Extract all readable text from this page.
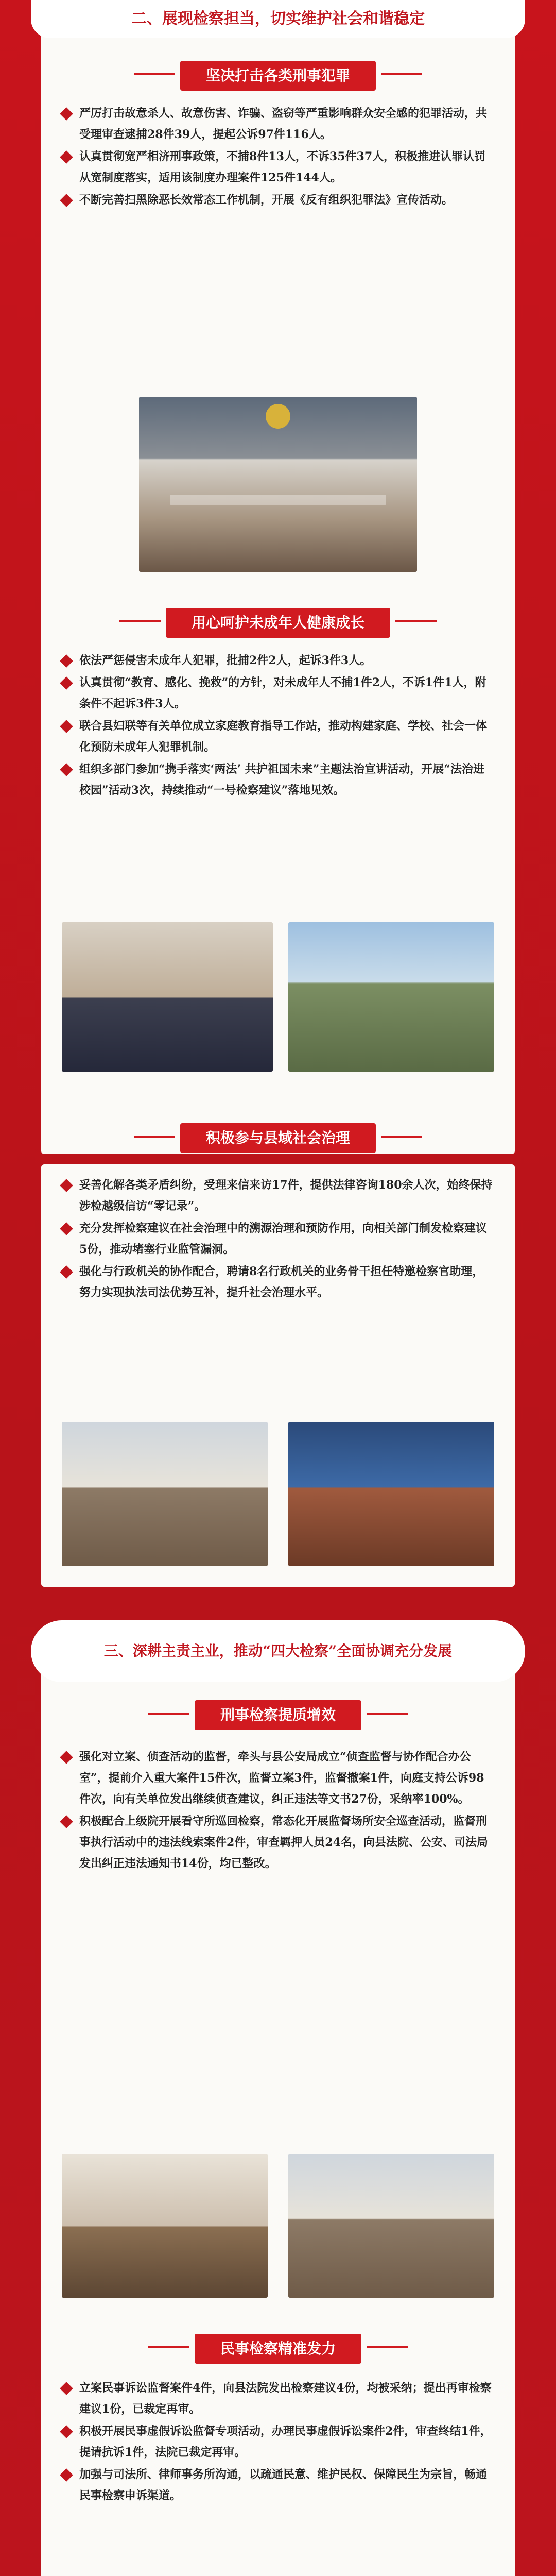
二、展现检察担当，切实维护社会和谐稳定
坚决打击各类刑事犯罪
严厉打击故意杀人、故意伤害、诈骗、盗窃等严重影响群众安全感的犯罪活动，共受理审查逮捕28件39人，提起公诉97件116人。
认真贯彻宽严相济刑事政策，不捕8件13人，不诉35件37人，积极推进认罪认罚从宽制度落实，适用该制度办理案件125件144人。
不断完善扫黑除恶长效常态工作机制，开展《反有组织犯罪法》宣传活动。
用心呵护未成年人健康成长
依法严惩侵害未成年人犯罪，批捕2件2人，起诉3件3人。
认真贯彻“教育、感化、挽救”的方针，对未成年人不捕1件2人，不诉1件1人，附条件不起诉3件3人。
联合县妇联等有关单位成立家庭教育指导工作站，推动构建家庭、学校、社会一体化预防未成年人犯罪机制。
组织多部门参加“携手落实‘两法’ 共护祖国未来”主题法治宣讲活动，开展“法治进校园”活动3次，持续推动“一号检察建议”落地见效。
积极参与县域社会治理
妥善化解各类矛盾纠纷，受理来信来访17件，提供法律咨询180余人次，始终保持涉检越级信访“零记录”。
充分发挥检察建议在社会治理中的溯源治理和预防作用，向相关部门制发检察建议5份，推动堵塞行业监管漏洞。
强化与行政机关的协作配合，聘请8名行政机关的业务骨干担任特邀检察官助理，努力实现执法司法优势互补，提升社会治理水平。
三、深耕主责主业，推动“四大检察”全面协调充分发展
刑事检察提质增效
强化对立案、侦查活动的监督，牵头与县公安局成立“侦查监督与协作配合办公室”，提前介入重大案件15件次，监督立案3件，监督撤案1件，向庭支持公诉98件次，向有关单位发出继续侦查建议，纠正违法等文书27份，采纳率100%。
积极配合上级院开展看守所巡回检察，常态化开展监督场所安全巡查活动，监督刑事执行活动中的违法线索案件2件，审查羁押人员24名，向县法院、公安、司法局发出纠正违法通知书14份，均已整改。
民事检察精准发力
立案民事诉讼监督案件4件，向县法院发出检察建议4份，均被采纳；提出再审检察建议1份，已裁定再审。
积极开展民事虚假诉讼监督专项活动，办理民事虚假诉讼案件2件，审查终结1件，提请抗诉1件，法院已裁定再审。
加强与司法所、律师事务所沟通，以疏通民意、维护民权、保障民生为宗旨，畅通民事检察申诉渠道。
